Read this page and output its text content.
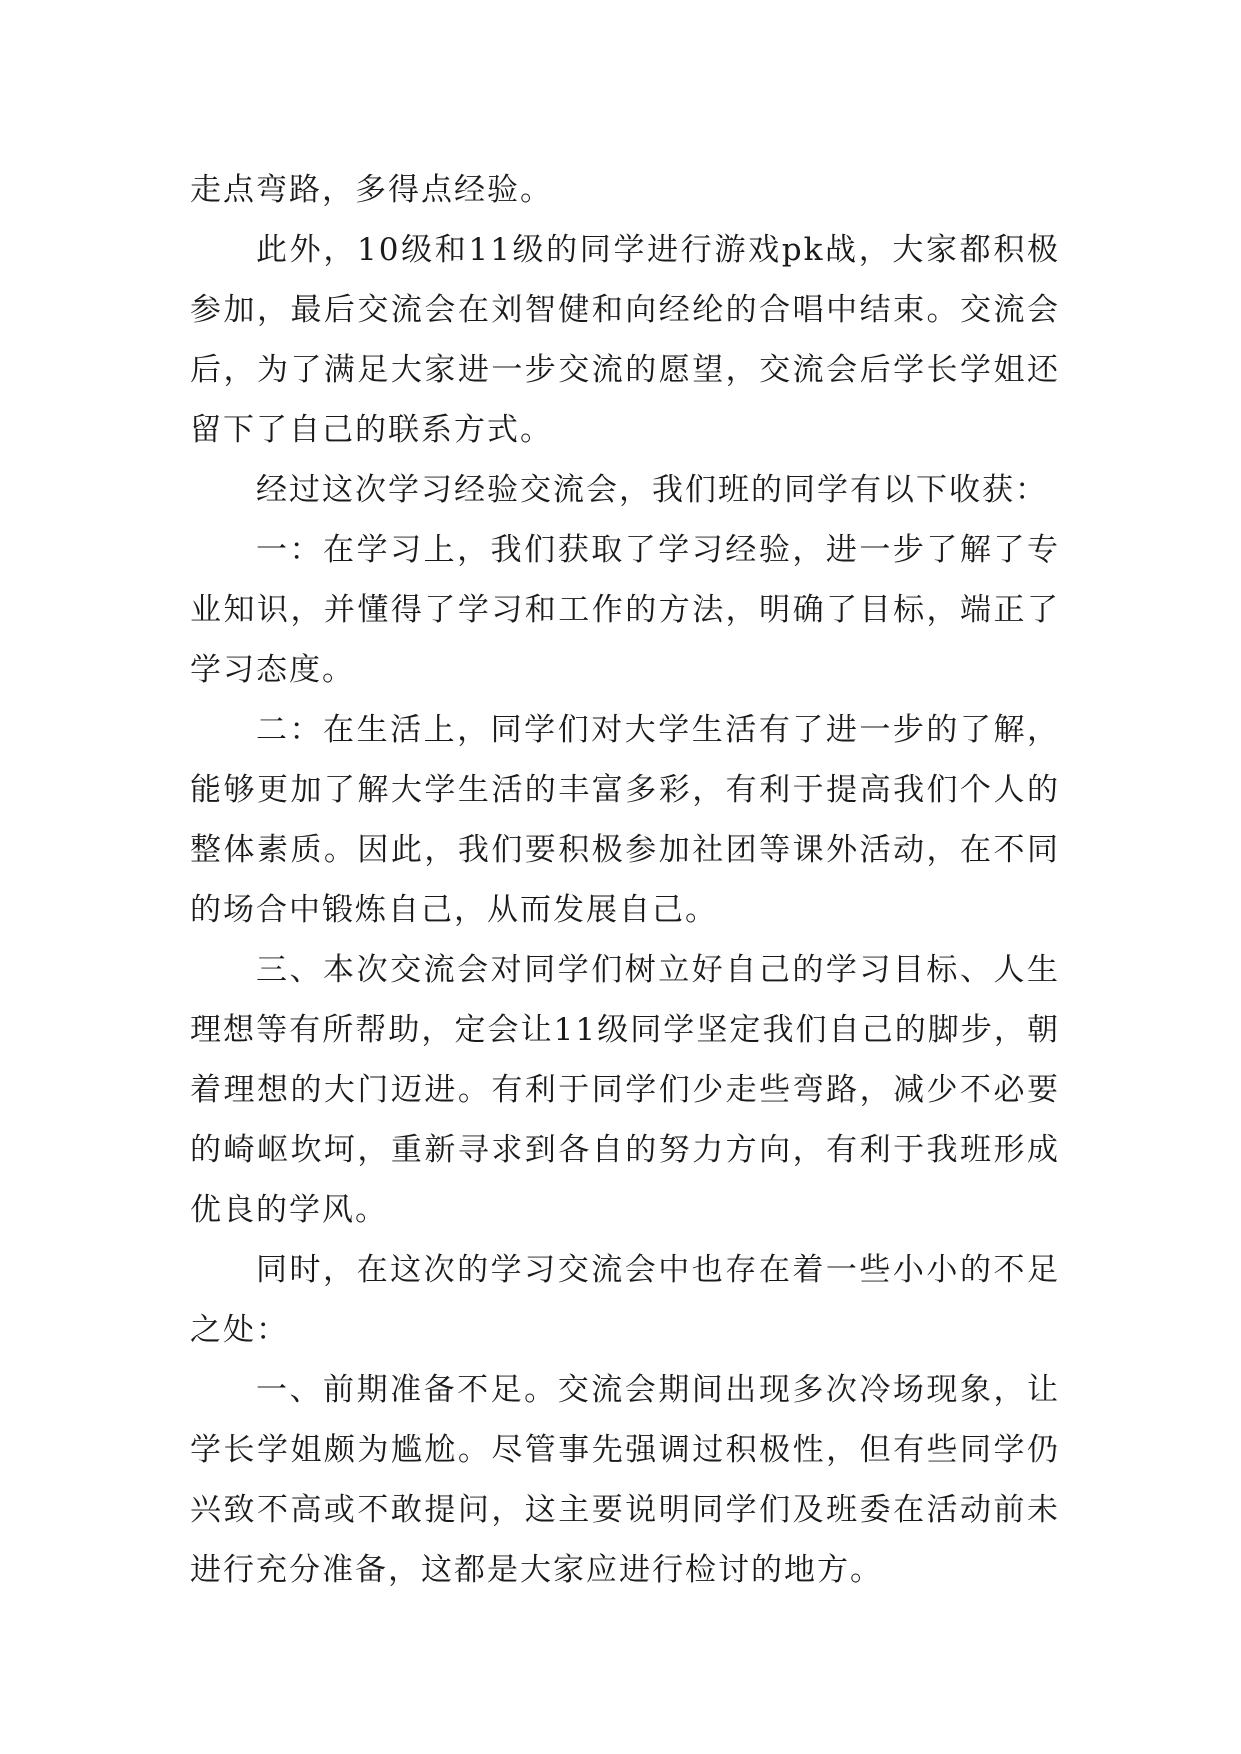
走点弯路，多得点经验。

此外，10级和11级的同学进行游戏pk战，大家都积极参加，最后交流会在刘智健和向经纶的合唱中结束。交流会后，为了满足大家进一步交流的愿望，交流会后学长学姐还留下了自己的联系方式。

经过这次学习经验交流会，我们班的同学有以下收获：

一：在学习上，我们获取了学习经验，进一步了解了专业知识，并懂得了学习和工作的方法，明确了目标，端正了学习态度。

二：在生活上，同学们对大学生活有了进一步的了解，能够更加了解大学生活的丰富多彩，有利于提高我们个人的整体素质。因此，我们要积极参加社团等课外活动，在不同的场合中锻炼自己，从而发展自己。

三、本次交流会对同学们树立好自己的学习目标、人生理想等有所帮助，定会让11级同学坚定我们自己的脚步，朝着理想的大门迈进。有利于同学们少走些弯路，减少不必要的崎岖坎坷，重新寻求到各自的努力方向，有利于我班形成优良的学风。

同时，在这次的学习交流会中也存在着一些小小的不足之处：

一、前期准备不足。交流会期间出现多次冷场现象，让学长学姐颇为尴尬。尽管事先强调过积极性，但有些同学仍兴致不高或不敢提问，这主要说明同学们及班委在活动前未进行充分准备，这都是大家应进行检讨的地方。
